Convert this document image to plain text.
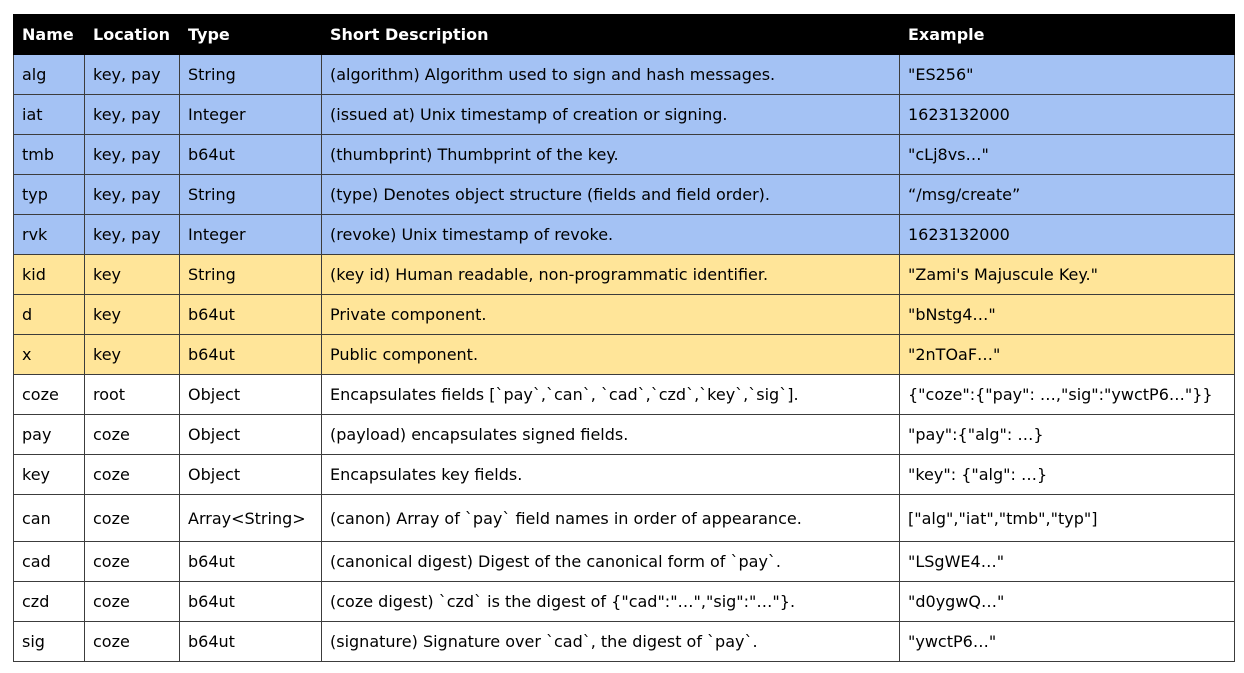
Name	Location	Type	Short Description	Example
alg	key, pay	String	(algorithm) Algorithm used to sign and hash messages.	"ES256"
iat	key, pay	Integer	(issued at) Unix timestamp of creation or signing.	1623132000
tmb	key, pay	b64ut	(thumbprint) Thumbprint of the key.	"cLj8vs…"
typ	key, pay	String	(type) Denotes object structure (fields and field order).	“/msg/create”
rvk	key, pay	Integer	(revoke) Unix timestamp of revoke.	1623132000
kid	key	String	(key id) Human readable, non-programmatic identifier.	"Zami's Majuscule Key."
d	key	b64ut	Private component.	"bNstg4…"
x	key	b64ut	Public component.	"2nTOaF…"
coze	root	Object	Encapsulates fields [`pay`,`can`, `cad`,`czd`,`key`,`sig`].	{"coze":{"pay": …,"sig":"ywctP6…"}}
pay	coze	Object	(payload) encapsulates signed fields.	"pay":{"alg": …}
key	coze	Object	Encapsulates key fields.	"key": {"alg": …}
can	coze	Array<String>	(canon) Array of `pay` field names in order of appearance.	["alg","iat","tmb","typ"]
cad	coze	b64ut	(canonical digest) Digest of the canonical form of `pay`.	"LSgWE4…"
czd	coze	b64ut	(coze digest) `czd` is the digest of {"cad":"…","sig":"…"}.	"d0ygwQ…"
sig	coze	b64ut	(signature) Signature over `cad`, the digest of `pay`.	"ywctP6…"
